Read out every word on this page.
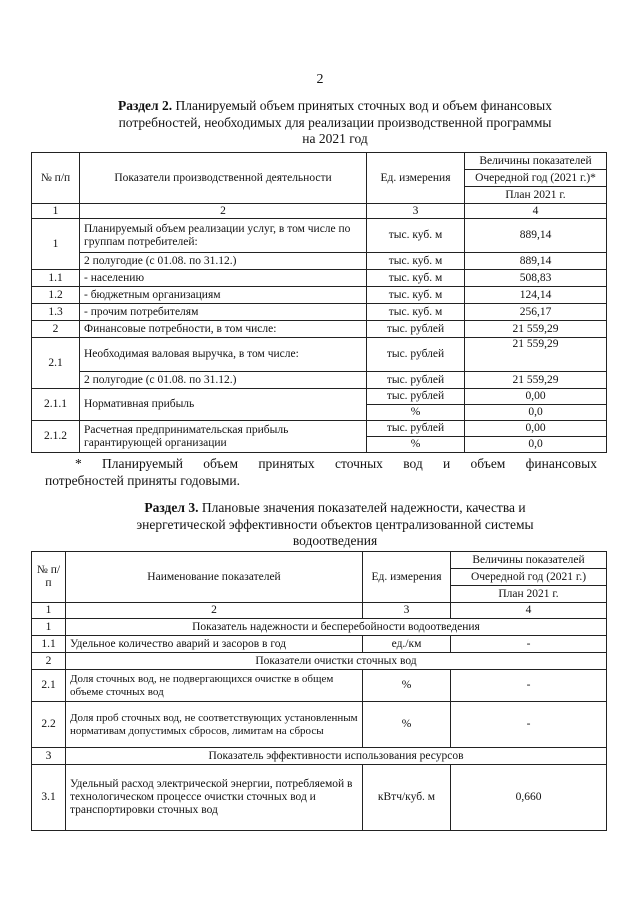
2
Раздел 2. Планируемый объем принятых сточных вод и объем финансовых
потребностей, необходимых для реализации производственной программы
на 2021 год
№ п/п	Показатели производственной деятельности	Ед. измерения	Величины показателей
			Очередной год (2021 г.)*
			План 2021 г.
1	2	3	4
1	Планируемый объем реализации услуг, в том числе по группам потребителей:	тыс. куб. м	889,14
	2 полугодие (с 01.08. по 31.12.)	тыс. куб. м	889,14
1.1	- населению	тыс. куб. м	508,83
1.2	- бюджетным организациям	тыс. куб. м	124,14
1.3	- прочим потребителям	тыс. куб. м	256,17
2	Финансовые потребности, в том числе:	тыс. рублей	21 559,29
2.1	Необходимая валовая выручка, в том числе:	тыс. рублей	21 559,29
	2 полугодие (с 01.08. по 31.12.)	тыс. рублей	21 559,29
2.1.1	Нормативная прибыль	тыс. рублей	0,00
		%	0,0
2.1.2	Расчетная предпринимательская прибыль гарантирующей организации	тыс. рублей	0,00
		%	0,0
* Планируемый объем принятых сточных вод и объем финансовых
потребностей приняты годовыми.
Раздел 3. Плановые значения показателей надежности, качества и
энергетической эффективности объектов централизованной системы
водоотведения
№ п/п	Наименование показателей	Ед. измерения	Величины показателей
			Очередной год (2021 г.)
			План 2021 г.
1	2	3	4
1	Показатель надежности и бесперебойности водоотведения		
1.1	Удельное количество аварий и засоров в год	ед./км	-
2	Показатели очистки сточных вод		
2.1	Доля сточных вод, не подвергающихся очистке в общем объеме сточных вод	%	-
2.2	Доля проб сточных вод, не соответствующих установленным нормативам допустимых сбросов, лимитам на сбросы	%	-
3	Показатель эффективности использования ресурсов		
3.1	Удельный расход электрической энергии, потребляемой в технологическом процессе очистки сточных вод и транспортировки сточных вод	кВтч/куб. м	0,660
